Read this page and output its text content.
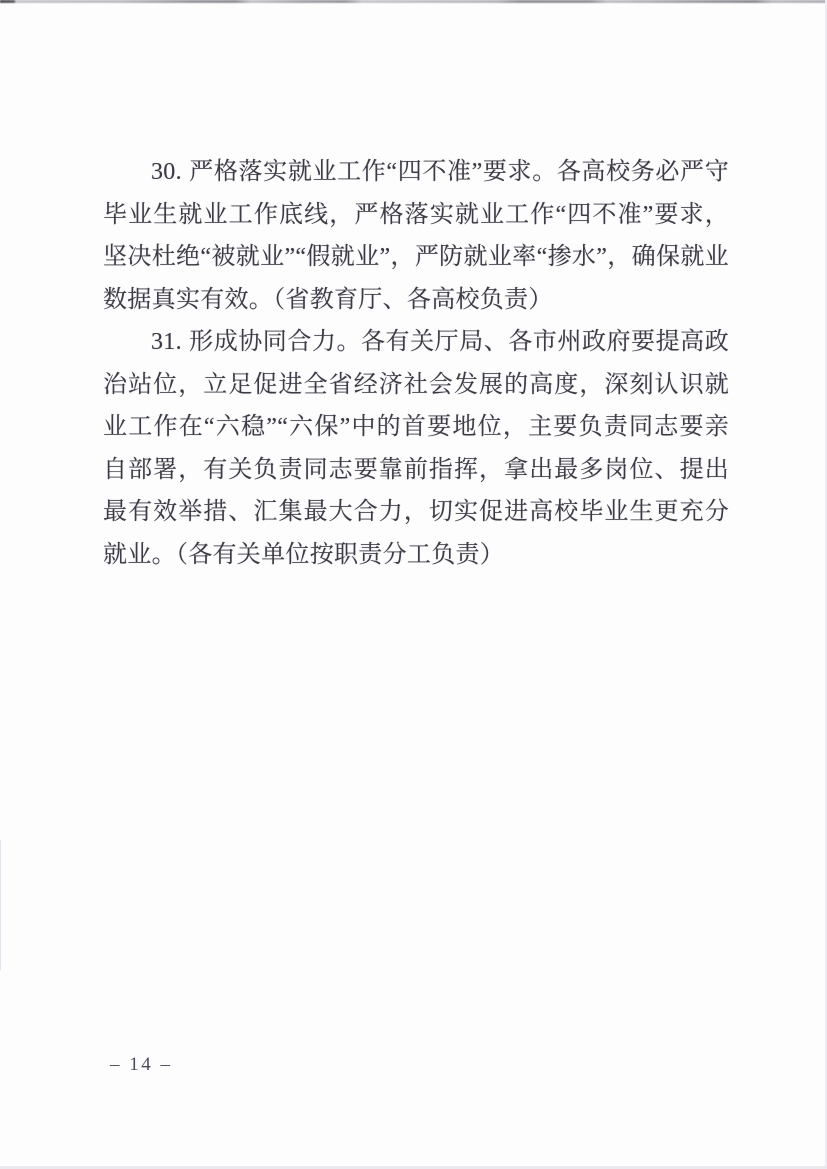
30. 严格落实就业工作“四不准”要求。各高校务必严守毕业生就业工作底线，严格落实就业工作“四不准”要求，坚决杜绝“被就业”“假就业”，严防就业率“掺水”，确保就业数据真实有效。（省教育厅、各高校负责）

31. 形成协同合力。各有关厅局、各市州政府要提高政治站位，立足促进全省经济社会发展的高度，深刻认识就业工作在“六稳”“六保”中的首要地位，主要负责同志要亲自部署，有关负责同志要靠前指挥，拿出最多岗位、提出最有效举措、汇集最大合力，切实促进高校毕业生更充分就业。（各有关单位按职责分工负责）

– 14 –
